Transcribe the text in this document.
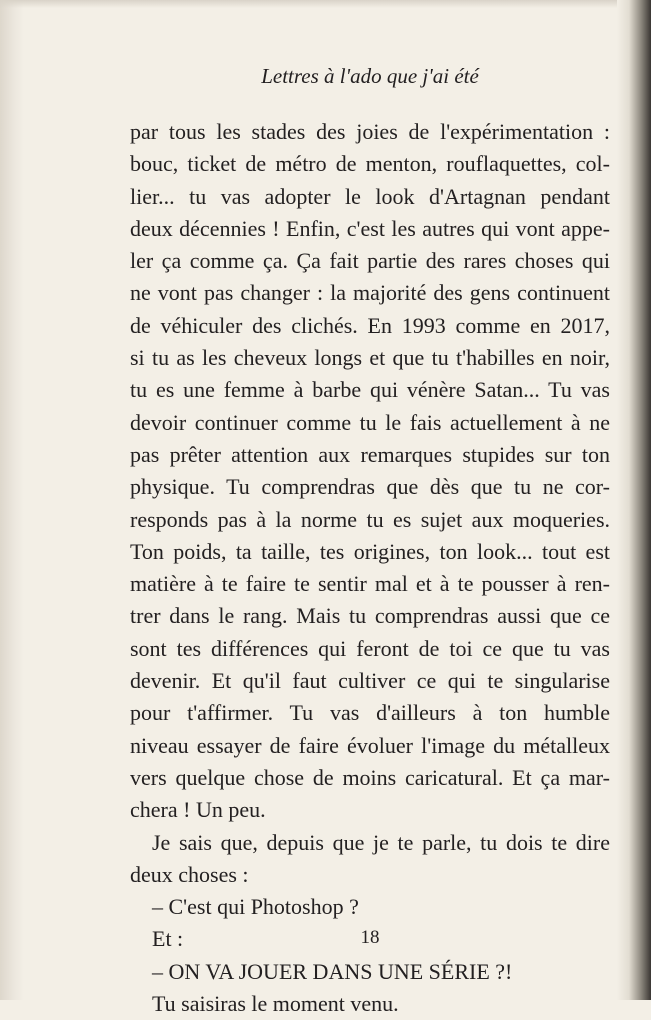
Lettres à l'ado que j'ai été
par tous les stades des joies de l'expérimentation :
bouc, ticket de métro de menton, rouflaquettes, col-
lier... tu vas adopter le look d'Artagnan pendant
deux décennies ! Enfin, c'est les autres qui vont appe-
ler ça comme ça. Ça fait partie des rares choses qui
ne vont pas changer : la majorité des gens continuent
de véhiculer des clichés. En 1993 comme en 2017,
si tu as les cheveux longs et que tu t'habilles en noir,
tu es une femme à barbe qui vénère Satan... Tu vas
devoir continuer comme tu le fais actuellement à ne
pas prêter attention aux remarques stupides sur ton
physique. Tu comprendras que dès que tu ne cor-
responds pas à la norme tu es sujet aux moqueries.
Ton poids, ta taille, tes origines, ton look... tout est
matière à te faire te sentir mal et à te pousser à ren-
trer dans le rang. Mais tu comprendras aussi que ce
sont tes différences qui feront de toi ce que tu vas
devenir. Et qu'il faut cultiver ce qui te singularise
pour t'affirmer. Tu vas d'ailleurs à ton humble
niveau essayer de faire évoluer l'image du métalleux
vers quelque chose de moins caricatural. Et ça mar-
chera ! Un peu.
Je sais que, depuis que je te parle, tu dois te dire
deux choses :
– C'est qui Photoshop ?
Et :
– ON VA JOUER DANS UNE SÉRIE ?!
Tu saisiras le moment venu.
18
